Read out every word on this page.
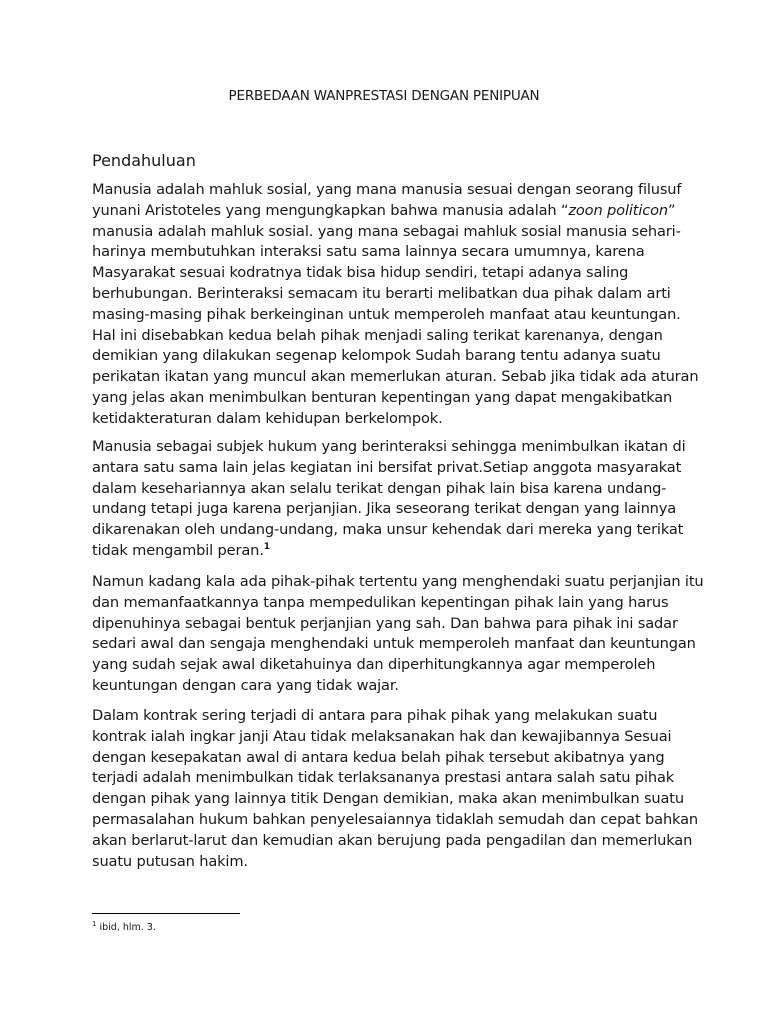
PERBEDAAN WANPRESTASI DENGAN PENIPUAN
Pendahuluan

Manusia adalah mahluk sosial, yang mana manusia sesuai dengan seorang filusuf
yunani Aristoteles yang mengungkapkan bahwa manusia adalah “zoon politicon”
manusia adalah mahluk sosial. yang mana sebagai mahluk sosial manusia sehari-
harinya membutuhkan interaksi satu sama lainnya secara umumnya, karena
Masyarakat sesuai kodratnya tidak bisa hidup sendiri, tetapi adanya saling
berhubungan. Berinteraksi semacam itu berarti melibatkan dua pihak dalam arti
masing-masing pihak berkeinginan untuk memperoleh manfaat atau keuntungan.
Hal ini disebabkan kedua belah pihak menjadi saling terikat karenanya, dengan
demikian yang dilakukan segenap kelompok Sudah barang tentu adanya suatu
perikatan ikatan yang muncul akan memerlukan aturan. Sebab jika tidak ada aturan
yang jelas akan menimbulkan benturan kepentingan yang dapat mengakibatkan
ketidakteraturan dalam kehidupan berkelompok.

Manusia sebagai subjek hukum yang berinteraksi sehingga menimbulkan ikatan di
antara satu sama lain jelas kegiatan ini bersifat privat.Setiap anggota masyarakat
dalam kesehariannya akan selalu terikat dengan pihak lain bisa karena undang-
undang tetapi juga karena perjanjian. Jika seseorang terikat dengan yang lainnya
dikarenakan oleh undang-undang, maka unsur kehendak dari mereka yang terikat
tidak mengambil peran.$^1$

Namun kadang kala ada pihak-pihak tertentu yang menghendaki suatu perjanjian itu
dan memanfaatkannya tanpa mempedulikan kepentingan pihak lain yang harus
dipenuhinya sebagai bentuk perjanjian yang sah. Dan bahwa para pihak ini sadar
sedari awal dan sengaja menghendaki untuk memperoleh manfaat dan keuntungan
yang sudah sejak awal diketahuinya dan diperhitungkannya agar memperoleh
keuntungan dengan cara yang tidak wajar.

Dalam kontrak sering terjadi di antara para pihak pihak yang melakukan suatu
kontrak ialah ingkar janji Atau tidak melaksanakan hak dan kewajibannya Sesuai
dengan kesepakatan awal di antara kedua belah pihak tersebut akibatnya yang
terjadi adalah menimbulkan tidak terlaksananya prestasi antara salah satu pihak
dengan pihak yang lainnya titik Dengan demikian, maka akan menimbulkan suatu
permasalahan hukum bahkan penyelesaiannya tidaklah semudah dan cepat bahkan
akan berlarut-larut dan kemudian akan berujung pada pengadilan dan memerlukan
suatu putusan hakim.

$^1$ ibid, hlm. 3.
